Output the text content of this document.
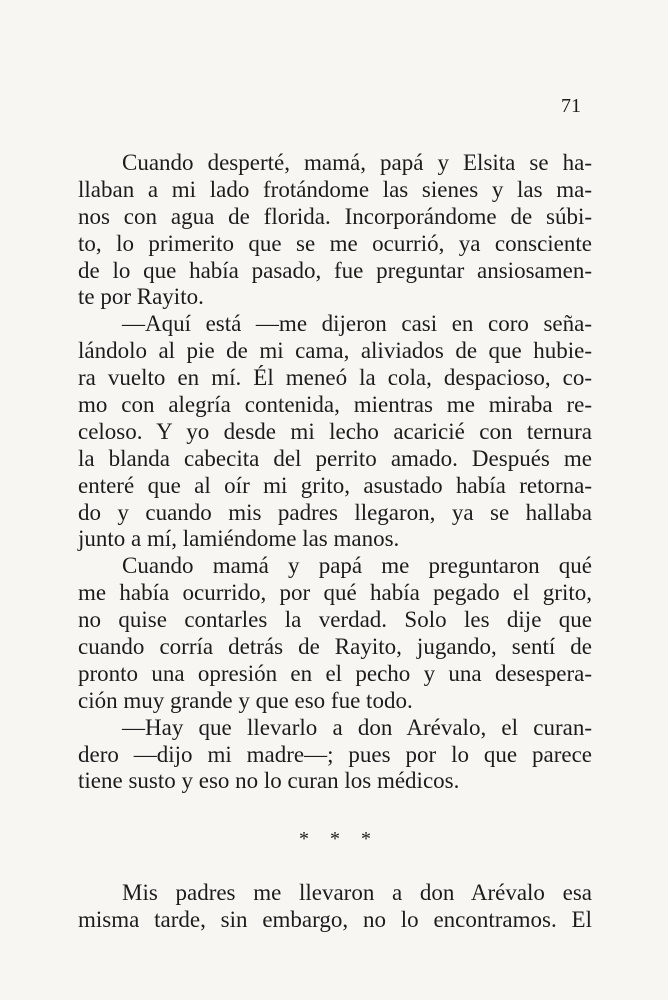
71
Cuando desperté, mamá, papá y Elsita se ha-
llaban a mi lado frotándome las sienes y las ma-
nos con agua de florida. Incorporándome de súbi-
to, lo primerito que se me ocurrió, ya consciente
de lo que había pasado, fue preguntar ansiosamen-
te por Rayito.
—Aquí está —me dijeron casi en coro seña-
lándolo al pie de mi cama, aliviados de que hubie-
ra vuelto en mí. Él meneó la cola, despacioso, co-
mo con alegría contenida, mientras me miraba re-
celoso. Y yo desde mi lecho acaricié con ternura
la blanda cabecita del perrito amado. Después me
enteré que al oír mi grito, asustado había retorna-
do y cuando mis padres llegaron, ya se hallaba
junto a mí, lamiéndome las manos.
Cuando mamá y papá me preguntaron qué
me había ocurrido, por qué había pegado el grito,
no quise contarles la verdad. Solo les dije que
cuando corría detrás de Rayito, jugando, sentí de
pronto una opresión en el pecho y una desespera-
ción muy grande y que eso fue todo.
—Hay que llevarlo a don Arévalo, el curan-
dero —dijo mi madre—; pues por lo que parece
tiene susto y eso no lo curan los médicos.
* * *
Mis padres me llevaron a don Arévalo esa
misma tarde, sin embargo, no lo encontramos. El
